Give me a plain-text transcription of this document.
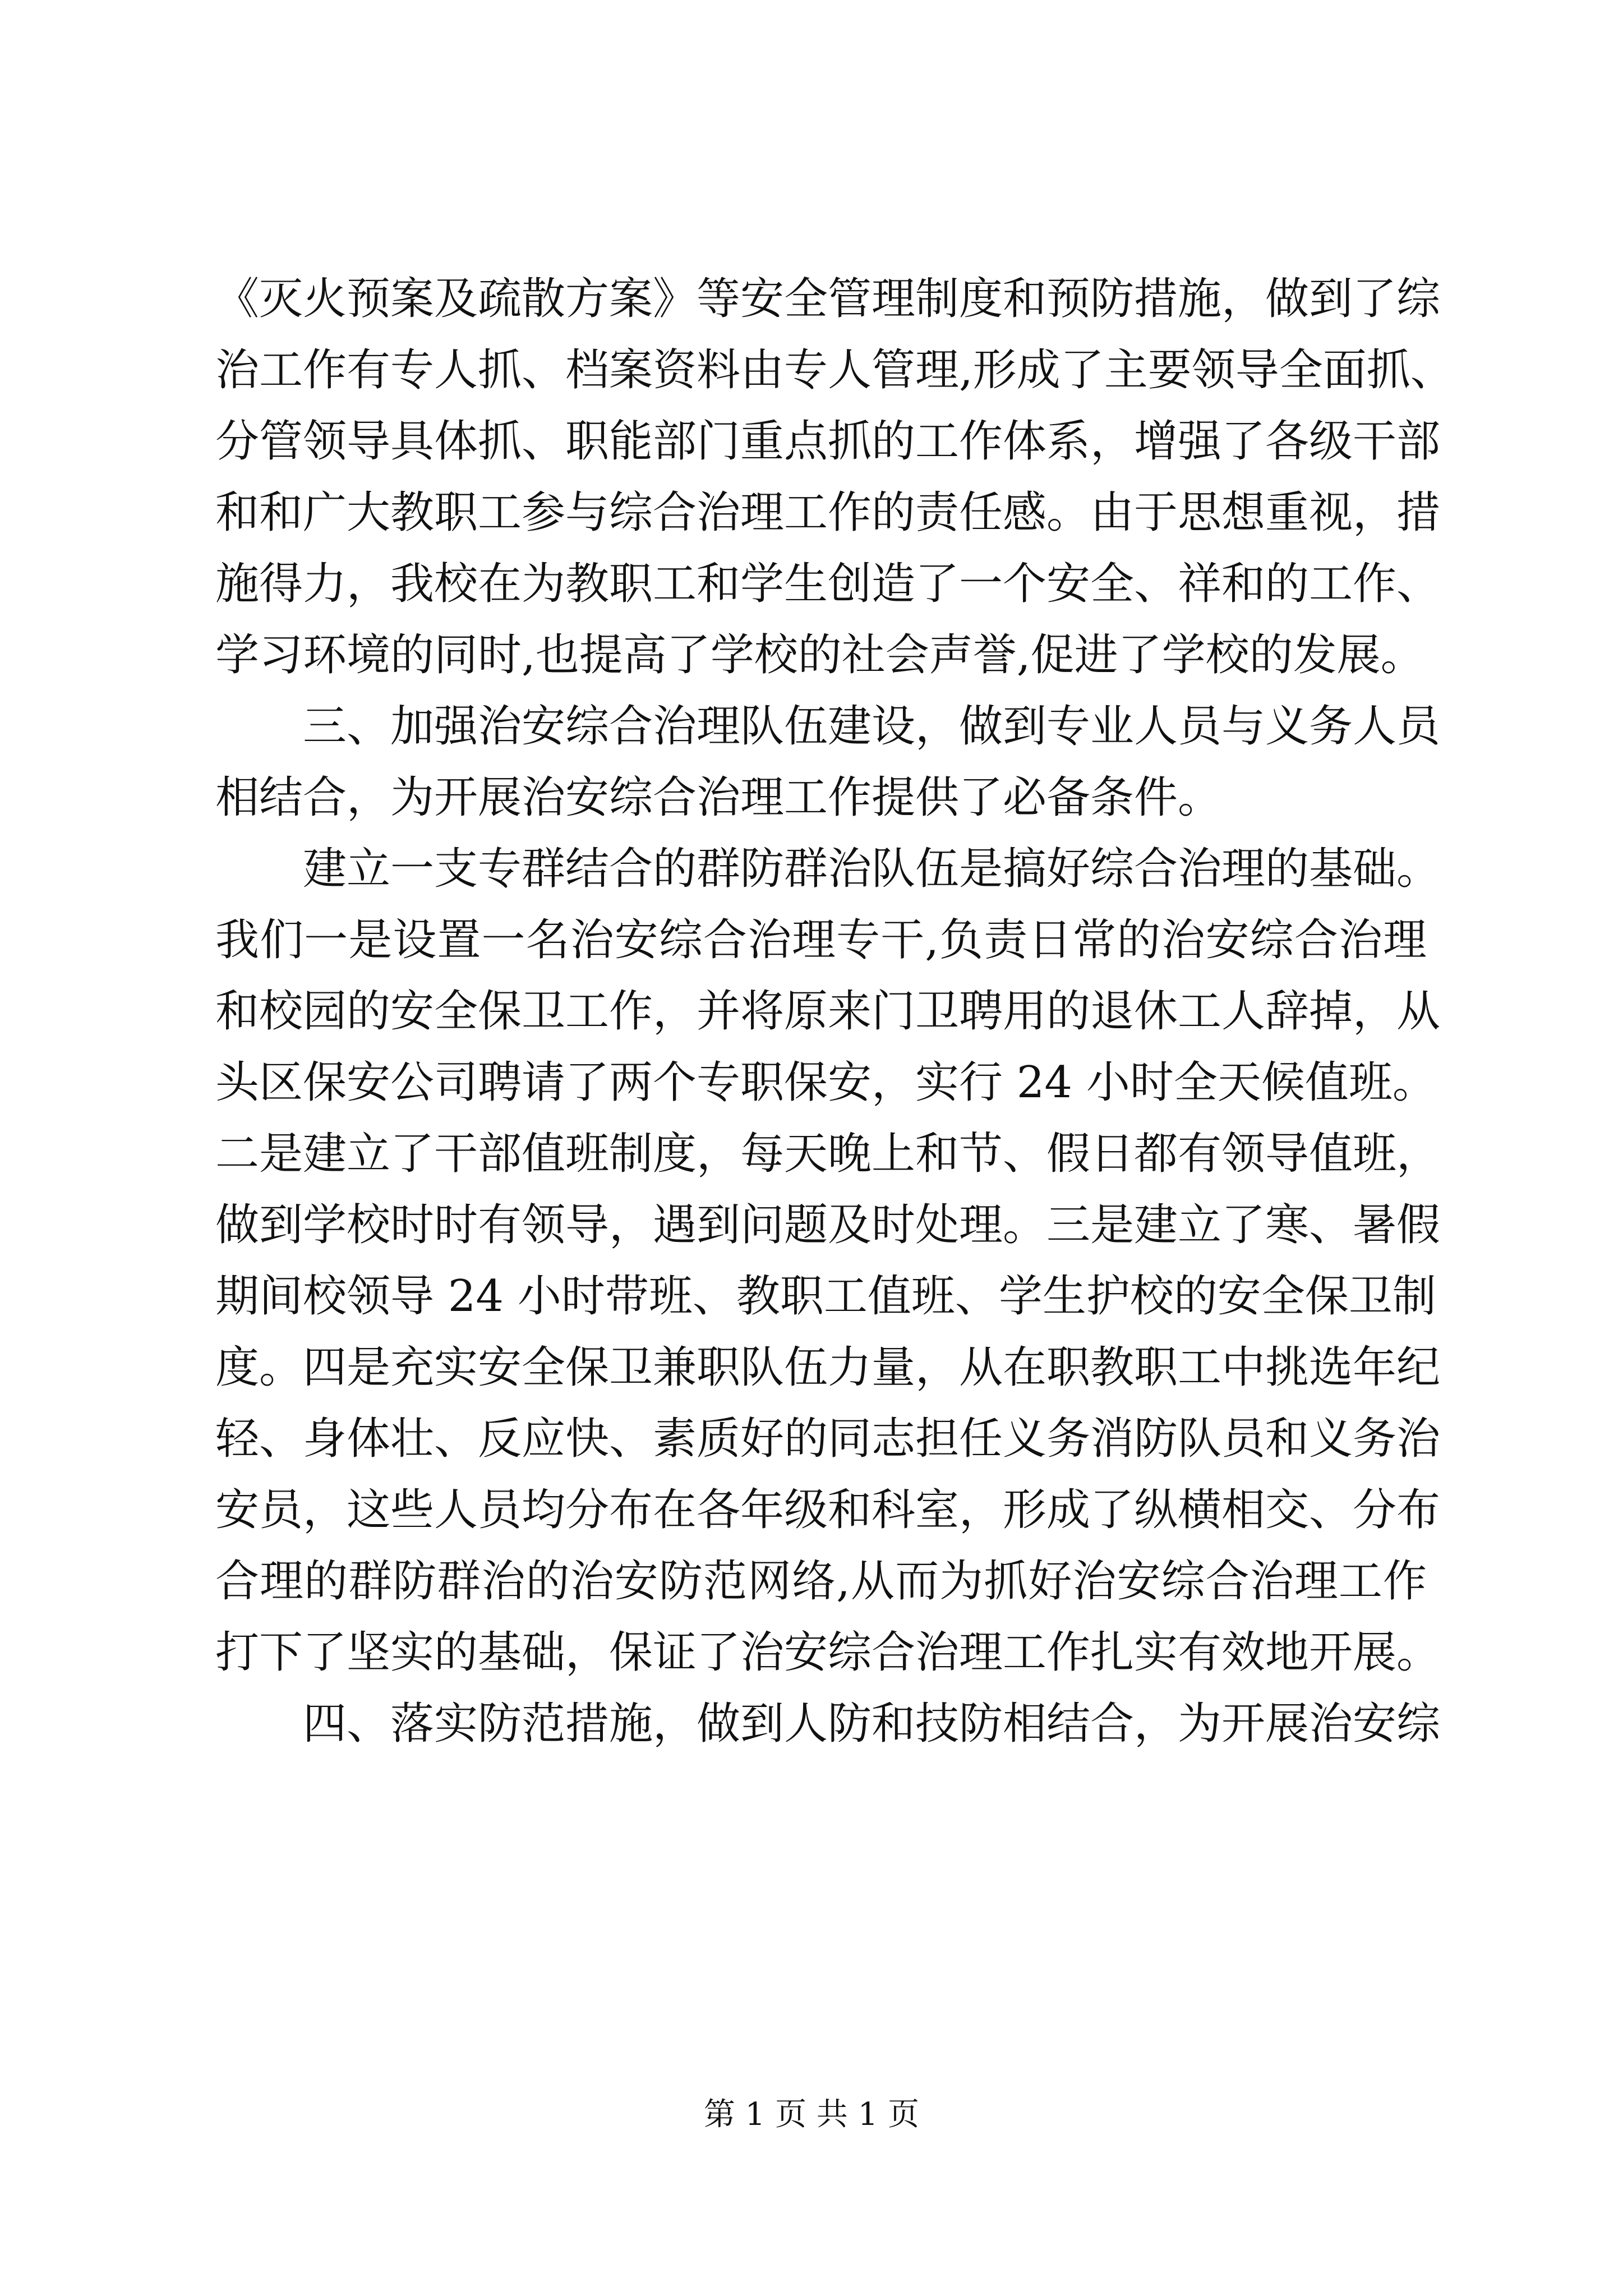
《灭火预案及疏散方案》等安全管理制度和预防措施，做到了综
治工作有专人抓、档案资料由专人管理,形成了主要领导全面抓、
分管领导具体抓、职能部门重点抓的工作体系，增强了各级干部
和和广大教职工参与综合治理工作的责任感。由于思想重视，措
施得力，我校在为教职工和学生创造了一个安全、祥和的工作、
学习环境的同时,也提高了学校的社会声誉,促进了学校的发展。
三、加强治安综合治理队伍建设，做到专业人员与义务人员
相结合，为开展治安综合治理工作提供了必备条件。
建立一支专群结合的群防群治队伍是搞好综合治理的基础。
我们一是设置一名治安综合治理专干,负责日常的治安综合治理
和校园的安全保卫工作，并将原来门卫聘用的退休工人辞掉，从
头区保安公司聘请了两个专职保安，实行 24 小时全天候值班。
二是建立了干部值班制度，每天晚上和节、假日都有领导值班，
做到学校时时有领导，遇到问题及时处理。三是建立了寒、暑假
期间校领导 24 小时带班、教职工值班、学生护校的安全保卫制
度。四是充实安全保卫兼职队伍力量，从在职教职工中挑选年纪
轻、身体壮、反应快、素质好的同志担任义务消防队员和义务治
安员，这些人员均分布在各年级和科室，形成了纵横相交、分布
合理的群防群治的治安防范网络,从而为抓好治安综合治理工作
打下了坚实的基础，保证了治安综合治理工作扎实有效地开展。
四、落实防范措施，做到人防和技防相结合，为开展治安综
第 1 页 共 1 页
